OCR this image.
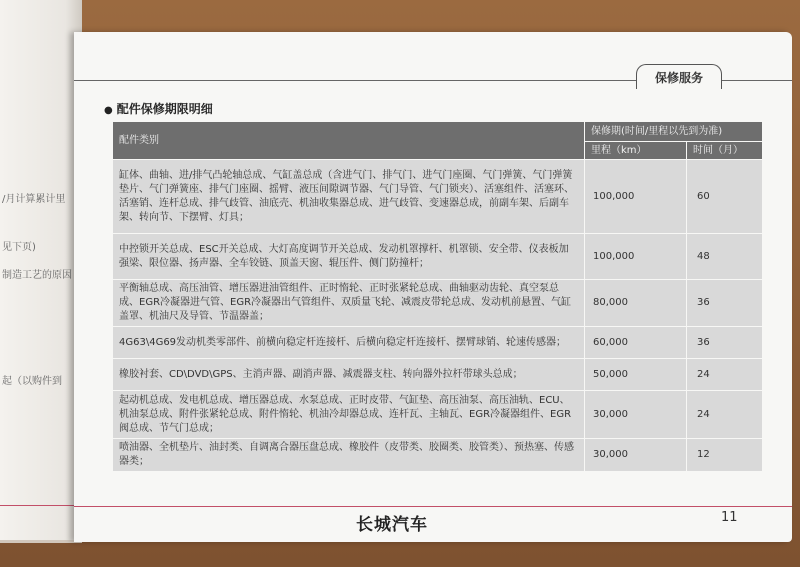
/月计算累计里
见下页)
制造工艺的原因
起（以购件到
保修服务
● 配件保修期限明细
配件类别	保修期(时间/里程以先到为准)	
	里程（km）	时间（月）
缸体、曲轴、进/排气凸轮轴总成、气缸盖总成（含进气门、排气门、进气门座圈、气门弹簧、气门弹簧垫片、气门弹簧座、排气门座圈、摇臂、液压间隙调节器、气门导管、气门锁夹）、活塞组件、活塞环、活塞销、连杆总成、排气歧管、油底壳、机油收集器总成、进气歧管、变速器总成，前副车架、后副车架、转向节、下摆臂、灯具；	100,000	60
中控锁开关总成、ESC开关总成、大灯高度调节开关总成、发动机罩撑杆、机罩锁、安全带、仪表板加强梁、限位器、扬声器、全车铰链、顶盖天窗、辊压件、侧门防撞杆；	100,000	48
平衡轴总成、高压油管、增压器进油管组件、正时惰轮、正时张紧轮总成、曲轴驱动齿轮、真空泵总成、EGR冷凝器进气管、EGR冷凝器出气管组件、双质量飞轮、减震皮带轮总成、发动机前悬置、气缸盖罩、机油尺及导管、节温器盖；	80,000	36
4G63\4G69发动机类零部件、前横向稳定杆连接杆、后横向稳定杆连接杆、摆臂球销、轮速传感器；	60,000	36
橡胶衬套、CD\DVD\GPS、主消声器、副消声器、减震器支柱、转向器外拉杆带球头总成；	50,000	24
起动机总成、发电机总成、增压器总成、水泵总成、正时皮带、气缸垫、高压油泵、高压油轨、ECU、机油泵总成、附件张紧轮总成、附件惰轮、机油冷却器总成、连杆瓦、主轴瓦、EGR冷凝器组件、EGR阀总成、节气门总成；	30,000	24
喷油器、全机垫片、油封类、自调离合器压盘总成、橡胶件（皮带类、胶圈类、胶管类）、预热塞、传感器类；	30,000	12
长城汽车	11
